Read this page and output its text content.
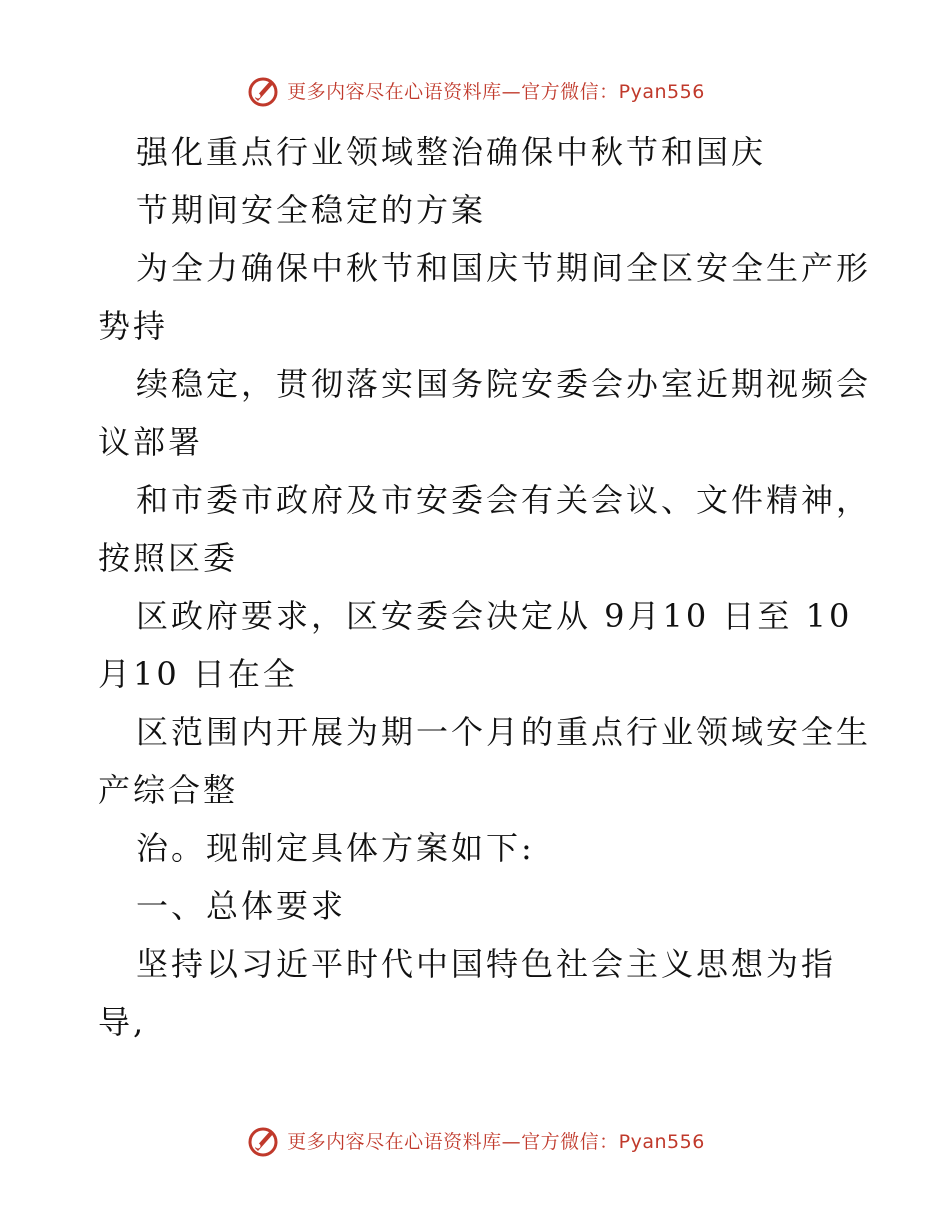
更多内容尽在心语资料库—官方微信：Pyan556
强化重点行业领域整治确保中秋节和国庆
节期间安全稳定的方案
为全力确保中秋节和国庆节期间全区安全生产形
势持
续稳定，贯彻落实国务院安委会办室近期视频会
议部署
和市委市政府及市安委会有关会议、文件精神，
按照区委
区政府要求，区安委会决定从 9月10 日至 10
月10 日在全
区范围内开展为期一个月的重点行业领域安全生
产综合整
治。现制定具体方案如下:
一、总体要求
坚持以习近平时代中国特色社会主义思想为指
导,
更多内容尽在心语资料库—官方微信：Pyan556
